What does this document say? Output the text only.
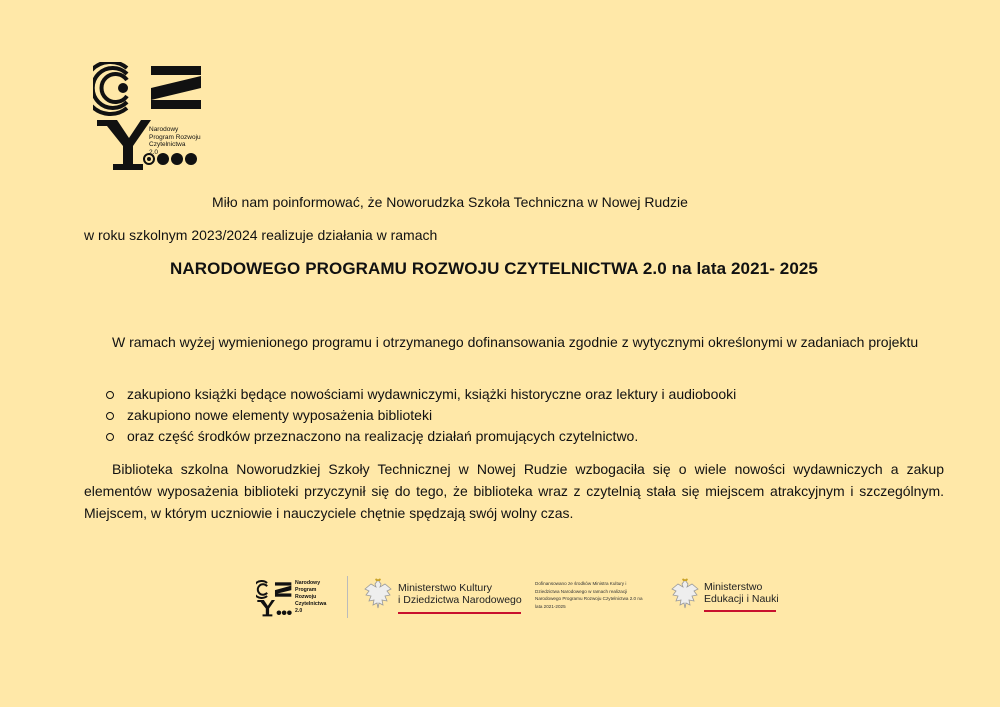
Narodowy
Program Rozwoju
Czytelnictwa
2.0
Miło nam poinformować, że Noworudzka Szkoła Techniczna w Nowej Rudzie
w roku szkolnym 2023/2024 realizuje działania w ramach
NARODOWEGO PROGRAMU ROZWOJU CZYTELNICTWA 2.0 na lata 2021- 2025
W ramach wyżej wymienionego programu i otrzymanego dofinansowania zgodnie z wytycznymi określonymi w zadaniach projektu
zakupiono książki będące nowościami wydawniczymi, książki historyczne oraz lektury i audiobooki
zakupiono nowe elementy wyposażenia biblioteki
oraz część środków przeznaczono na realizację działań promujących czytelnictwo.
Biblioteka szkolna Noworudzkiej Szkoły Technicznej w Nowej Rudzie wzbogaciła się o wiele nowości wydawniczych a zakup elementów wyposażenia biblioteki przyczynił się do tego, że biblioteka wraz z czytelnią stała się miejscem atrakcyjnym i szczególnym. Miejscem, w którym uczniowie i nauczyciele chętnie spędzają swój wolny czas.
Narodowy
Program
Rozwoju
Czytelnictwa
2.0
Ministerstwo Kultury
i Dziedzictwa Narodowego
Dofinansowano ze środków Ministra Kultury i Dziedzictwa Narodowego w ramach realizacji Narodowego Programu Rozwoju Czytelnictwa 2.0 na lata 2021-2025
Ministerstwo
Edukacji i Nauki
